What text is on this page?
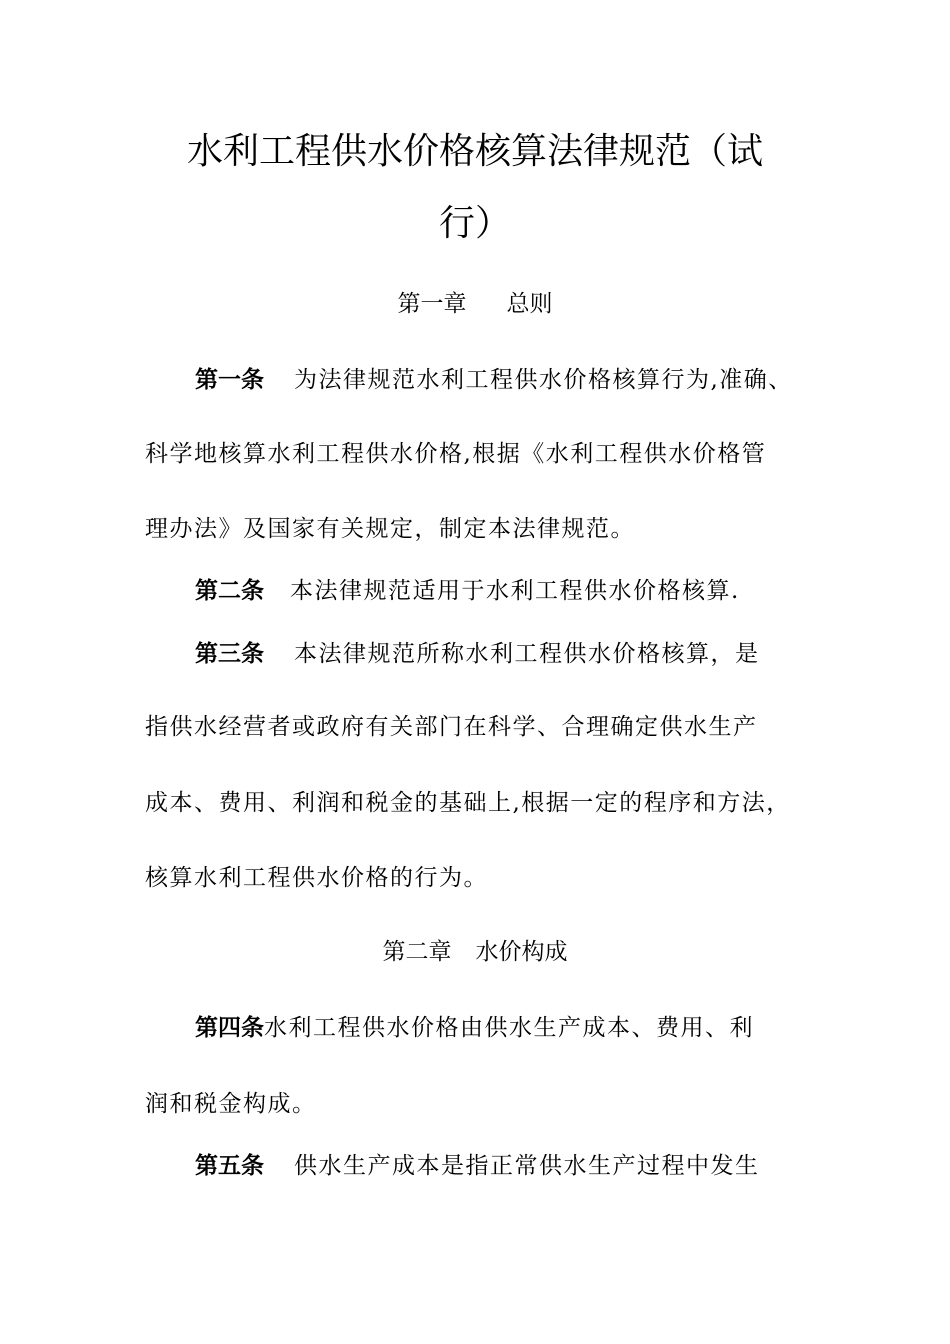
水利工程供水价格核算法律规范（试
行）
第一章 总则
第一条 为法律规范水利工程供水价格核算行为,准确、
科学地核算水利工程供水价格,根据《水利工程供水价格管
理办法》及国家有关规定，制定本法律规范。
第二条 本法律规范适用于水利工程供水价格核算.
第三条 本法律规范所称水利工程供水价格核算，是
指供水经营者或政府有关部门在科学、合理确定供水生产
成本、费用、利润和税金的基础上,根据一定的程序和方法，
核算水利工程供水价格的行为。
第二章 水价构成
第四条水利工程供水价格由供水生产成本、费用、利
润和税金构成。
第五条 供水生产成本是指正常供水生产过程中发生
